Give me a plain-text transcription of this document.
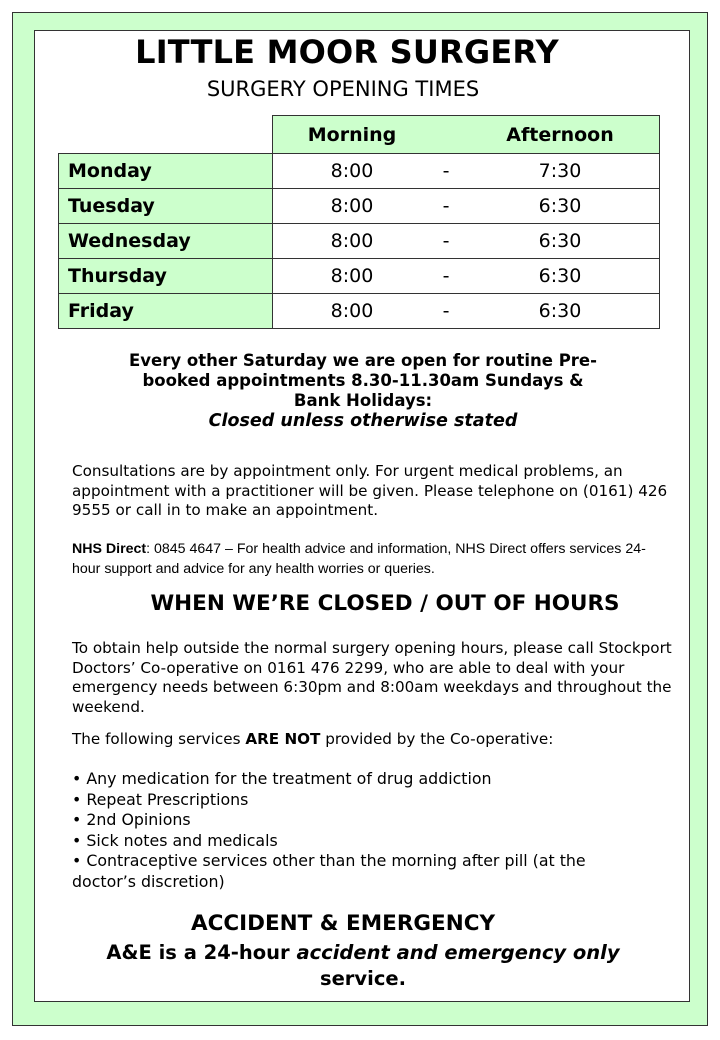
LITTLE MOOR SURGERY
SURGERY OPENING TIMES

	Morning Afternoon

Monday	8:00 - 7:30

Tuesday	8:00 - 6:30

Wednesday	8:00 - 6:30

Thursday	8:00 - 6:30

Friday	8:00 - 6:30
Every other Saturday we are open for routine Pre-
booked appointments 8.30-11.30am Sundays &
Bank Holidays:
Closed unless otherwise stated
Consultations are by appointment only. For urgent medical problems, an appointment with a practitioner will be given. Please telephone on (0161) 426 9555 or call in to make an appointment.
NHS Direct: 0845 4647 – For health advice and information, NHS Direct offers services 24-hour support and advice for any health worries or queries.
WHEN WE’RE CLOSED / OUT OF HOURS
To obtain help outside the normal surgery opening hours, please call Stockport Doctors’ Co-operative on 0161 476 2299, who are able to deal with your emergency needs between 6:30pm and 8:00am weekdays and throughout the weekend.
The following services ARE NOT provided by the Co-operative:
• Any medication for the treatment of drug addiction
• Repeat Prescriptions
• 2nd Opinions
• Sick notes and medicals
• Contraceptive services other than the morning after pill (at the
doctor’s discretion)
ACCIDENT & EMERGENCY
A&E is a 24-hour accident and emergency only service.
